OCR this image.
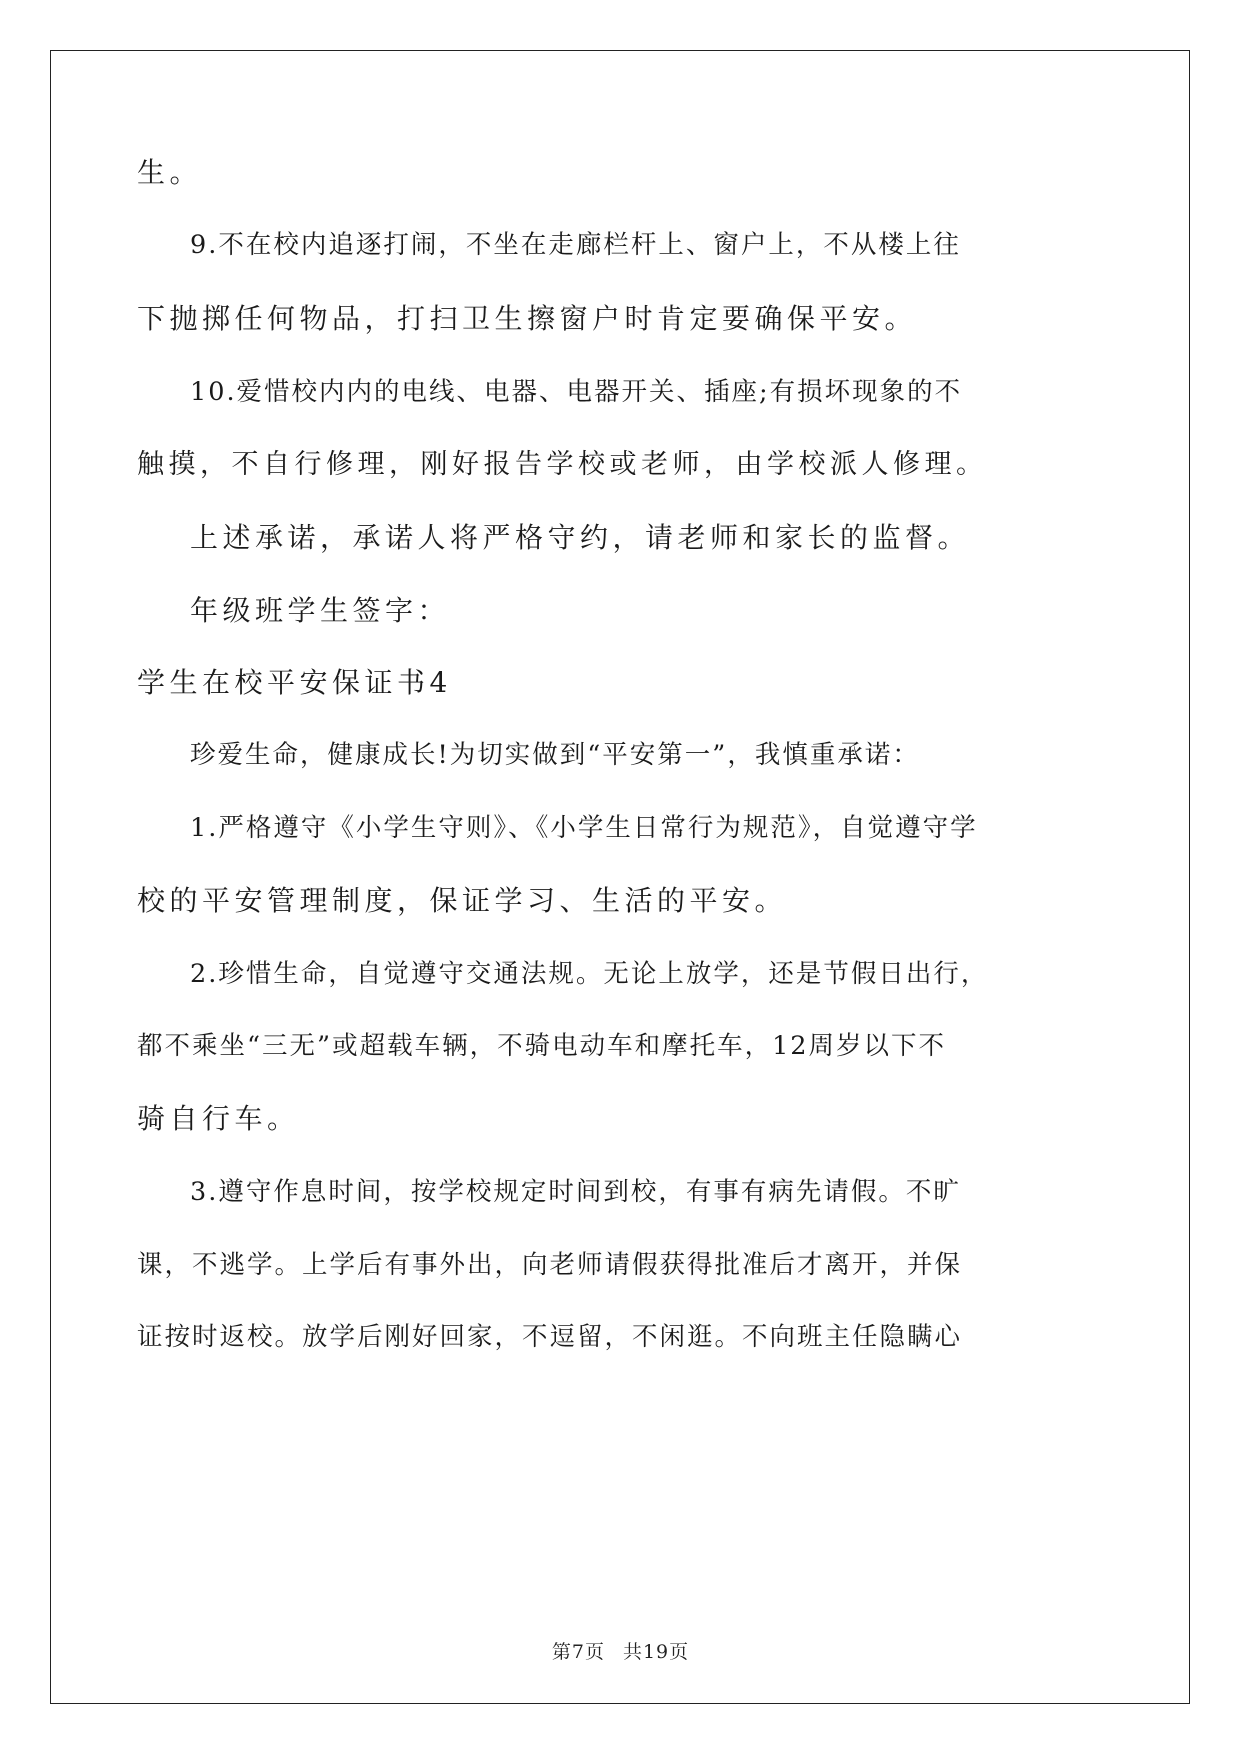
生。
9.不在校内追逐打闹，不坐在走廊栏杆上、窗户上，不从楼上往
下抛掷任何物品，打扫卫生擦窗户时肯定要确保平安。
10.爱惜校内内的电线、电器、电器开关、插座;有损坏现象的不
触摸，不自行修理，刚好报告学校或老师，由学校派人修理。
上述承诺，承诺人将严格守约，请老师和家长的监督。
年级班学生签字：
学生在校平安保证书4
珍爱生命，健康成长!为切实做到“平安第一”，我慎重承诺：
1.严格遵守《小学生守则》、《小学生日常行为规范》，自觉遵守学
校的平安管理制度，保证学习、生活的平安。
2.珍惜生命，自觉遵守交通法规。无论上放学，还是节假日出行，
都不乘坐“三无”或超载车辆，不骑电动车和摩托车，12周岁以下不
骑自行车。
3.遵守作息时间，按学校规定时间到校，有事有病先请假。不旷
课，不逃学。上学后有事外出，向老师请假获得批准后才离开，并保
证按时返校。放学后刚好回家，不逗留，不闲逛。不向班主任隐瞒心
第7页 共19页
